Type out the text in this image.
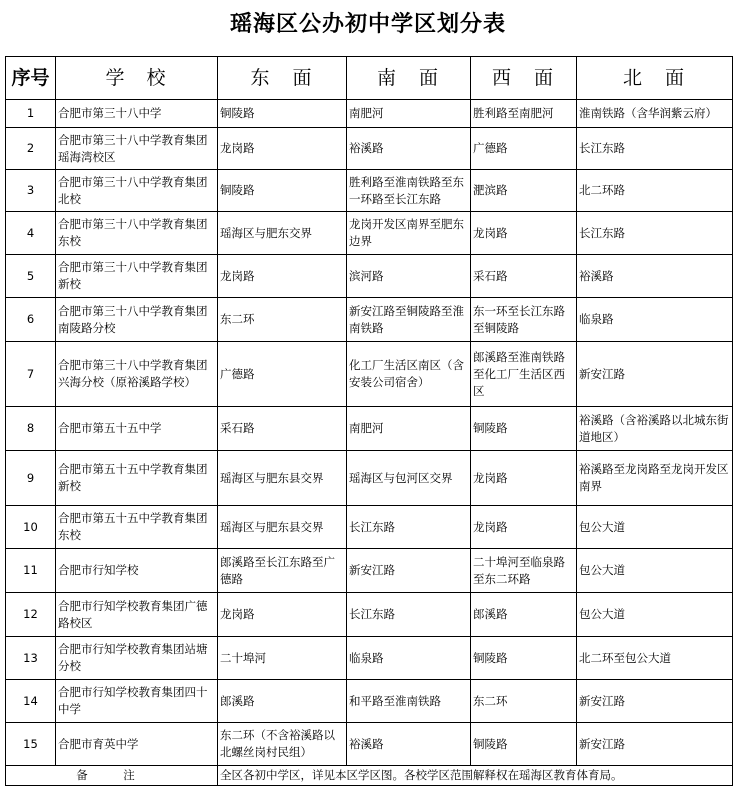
瑶海区公办初中学区划分表
序号	学校	东　面	南　面	西　面	北　面
1	合肥市第三十八中学	铜陵路	南肥河	胜利路至南肥河	淮南铁路（含华润紫云府）
2	合肥市第三十八中学教育集团瑶海湾校区	龙岗路	裕溪路	广德路	长江东路
3	合肥市第三十八中学教育集团北校	铜陵路	胜利路至淮南铁路至东一环路至长江东路	淝滨路	北二环路
4	合肥市第三十八中学教育集团东校	瑶海区与肥东交界	龙岗开发区南界至肥东边界	龙岗路	长江东路
5	合肥市第三十八中学教育集团新校	龙岗路	滨河路	采石路	裕溪路
6	合肥市第三十八中学教育集团南陵路分校	东二环	新安江路至铜陵路至淮南铁路	东一环至长江东路至铜陵路	临泉路
7	合肥市第三十八中学教育集团兴海分校（原裕溪路学校）	广德路	化工厂生活区南区（含安装公司宿舍）	郎溪路至淮南铁路至化工厂生活区西区	新安江路
8	合肥市第五十五中学	采石路	南肥河	铜陵路	裕溪路（含裕溪路以北城东街道地区）
9	合肥市第五十五中学教育集团新校	瑶海区与肥东县交界	瑶海区与包河区交界	龙岗路	裕溪路至龙岗路至龙岗开发区南界
10	合肥市第五十五中学教育集团东校	瑶海区与肥东县交界	长江东路	龙岗路	包公大道
11	合肥市行知学校	郎溪路至长江东路至广德路	新安江路	二十埠河至临泉路至东二环路	包公大道
12	合肥市行知学校教育集团广德路校区	龙岗路	长江东路	郎溪路	包公大道
13	合肥市行知学校教育集团站塘分校	二十埠河	临泉路	铜陵路	北二环至包公大道
14	合肥市行知学校教育集团四十中学	郎溪路	和平路至淮南铁路	东二环	新安江路
15	合肥市育英中学	东二环（不含裕溪路以北螺丝岗村民组）	裕溪路	铜陵路	新安江路
备　注		全区各初中学区，详见本区学区图。各校学区范围解释权在瑶海区教育体育局。			
